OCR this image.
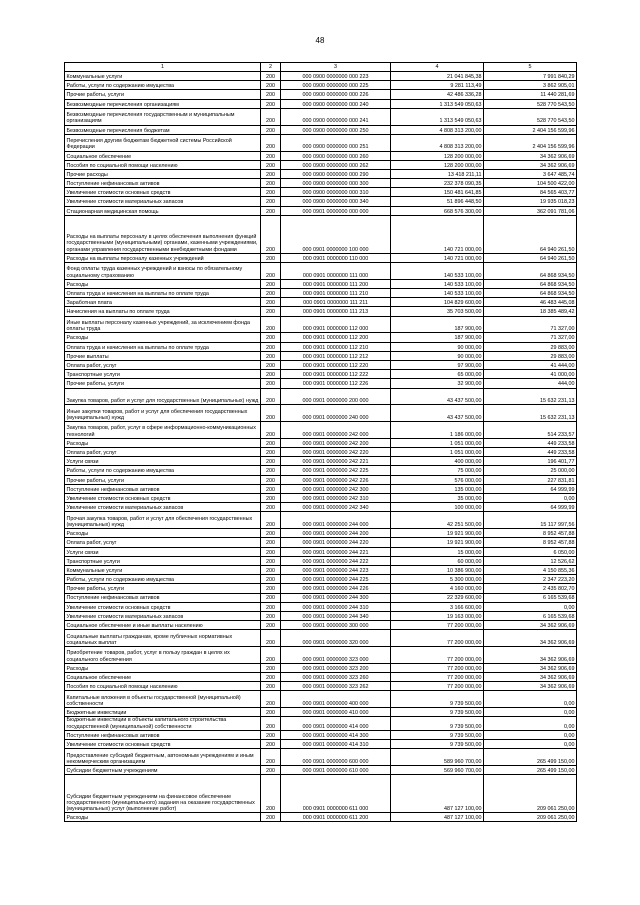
48
1	2	3	4	5
Коммунальные услуги	200	000 0900 0000000 000 223	21 041 845,38	7 991 840,29
Работы, услуги по содержанию имущества	200	000 0900 0000000 000 225	9 281 113,49	3 862 905,01
Прочие работы, услуги	200	000 0900 0000000 000 226	42 486 336,28	11 440 281,69
Безвозмездные перечисления организациям	200	000 0900 0000000 000 240	1 313 549 050,63	528 770 543,50
Безвозмездные перечисления государственным и муниципальным организациям	200	000 0900 0000000 000 241	1 313 549 050,63	528 770 543,50
Безвозмездные перечисления бюджетам	200	000 0900 0000000 000 250	4 808 313 200,00	2 404 156 599,96
Перечисления другим бюджетам бюджетной системы Российской Федерации	200	000 0900 0000000 000 251	4 808 313 200,00	2 404 156 599,96
Социальное обеспечение	200	000 0900 0000000 000 260	128 200 000,00	34 362 906,69
Пособия по социальной помощи населению	200	000 0900 0000000 000 262	128 200 000,00	34 362 906,69
Прочие расходы	200	000 0900 0000000 000 290	13 418 211,11	3 647 485,74
Поступление нефинансовых активов	200	000 0900 0000000 000 300	232 378 090,35	104 500 422,00
Увеличение стоимости основных средств	200	000 0900 0000000 000 310	150 481 641,85	84 565 403,77
Увеличение стоимости материальных запасов	200	000 0900 0000000 000 340	51 896 448,50	19 935 018,23
Стационарная медицинская помощь	200	000 0901 0000000 000 000	668 576 300,00	362 091 781,06
Расходы на выплаты персоналу в целях обеспечения выполнения функций государственными (муниципальными) органами, казенными учреждениями, органами управления государственными внебюджетными фондами	200	000 0901 0000000 100 000	140 721 000,00	64 940 261,50
Расходы на выплаты персоналу казенных учреждений	200	000 0901 0000000 110 000	140 721 000,00	64 940 261,50
Фонд оплаты труда казенных учреждений и взносы по обязательному социальному страхованию	200	000 0901 0000000 111 000	140 533 100,00	64 868 934,50
Расходы	200	000 0901 0000000 111 200	140 533 100,00	64 868 934,50
Оплата труда и начисления на выплаты по оплате труда	200	000 0901 0000000 111 210	140 533 100,00	64 868 934,50
Заработная плата	200	000 0901 0000000 111 211	104 829 600,00	46 483 445,08
Начисления на выплаты по оплате труда	200	000 0901 0000000 111 213	35 703 500,00	18 385 489,42
Иные выплаты персоналу казенных учреждений, за исключением фонда оплаты труда	200	000 0901 0000000 112 000	187 900,00	71 327,00
Расходы	200	000 0901 0000000 112 200	187 900,00	71 327,00
Оплата труда и начисления на выплаты по оплате труда	200	000 0901 0000000 112 210	90 000,00	29 883,00
Прочие выплаты	200	000 0901 0000000 112 212	90 000,00	29 883,00
Оплата работ, услуг	200	000 0901 0000000 112 220	97 900,00	41 444,00
Транспортные услуги	200	000 0901 0000000 112 222	65 000,00	41 000,00
Прочие работы, услуги	200	000 0901 0000000 112 226	32 900,00	444,00
Закупка товаров, работ и услуг для государственных (муниципальных) нужд	200	000 0901 0000000 200 000	43 437 500,00	15 632 231,13
Иные закупки товаров, работ и услуг для обеспечения государственных (муниципальных) нужд	200	000 0901 0000000 240 000	43 437 500,00	15 632 231,13
Закупка товаров, работ, услуг в сфере информационно-коммуникационных технологий	200	000 0901 0000000 242 000	1 186 000,00	514 233,57
Расходы	200	000 0901 0000000 242 200	1 051 000,00	449 233,58
Оплата работ, услуг	200	000 0901 0000000 242 220	1 051 000,00	449 233,58
Услуги связи	200	000 0901 0000000 242 221	400 000,00	196 401,77
Работы, услуги по содержанию имущества	200	000 0901 0000000 242 225	75 000,00	25 000,00
Прочие работы, услуги	200	000 0901 0000000 242 226	576 000,00	227 831,81
Поступление нефинансовых активов	200	000 0901 0000000 242 300	135 000,00	64 999,99
Увеличение стоимости основных средств	200	000 0901 0000000 242 310	35 000,00	0,00
Увеличение стоимости материальных запасов	200	000 0901 0000000 242 340	100 000,00	64 999,99
Прочая закупка товаров, работ и услуг для обеспечения государственных (муниципальных) нужд	200	000 0901 0000000 244 000	42 251 500,00	15 117 997,56
Расходы	200	000 0901 0000000 244 200	19 921 900,00	8 952 457,88
Оплата работ, услуг	200	000 0901 0000000 244 220	19 921 900,00	8 952 457,88
Услуги связи	200	000 0901 0000000 244 221	15 000,00	6 050,00
Транспортные услуги	200	000 0901 0000000 244 222	60 000,00	12 526,62
Коммунальные услуги	200	000 0901 0000000 244 223	10 386 900,00	4 150 855,36
Работы, услуги по содержанию имущества	200	000 0901 0000000 244 225	5 300 000,00	2 347 223,20
Прочие работы, услуги	200	000 0901 0000000 244 226	4 160 000,00	2 435 802,70
Поступление нефинансовых активов	200	000 0901 0000000 244 300	22 329 600,00	6 165 539,68
Увеличение стоимости основных средств	200	000 0901 0000000 244 310	3 166 600,00	0,00
Увеличение стоимости материальных запасов	200	000 0901 0000000 244 340	19 163 000,00	6 165 539,68
Социальное обеспечение и иные выплаты населению	200	000 0901 0000000 300 000	77 200 000,00	34 362 906,69
Социальные выплаты гражданам, кроме публичных нормативных социальных выплат	200	000 0901 0000000 320 000	77 200 000,00	34 362 906,69
Приобретение товаров, работ, услуг в пользу граждан в целях их социального обеспечения	200	000 0901 0000000 323 000	77 200 000,00	34 362 906,69
Расходы	200	000 0901 0000000 323 200	77 200 000,00	34 362 906,69
Социальное обеспечение	200	000 0901 0000000 323 260	77 200 000,00	34 362 906,69
Пособия по социальной помощи населению	200	000 0901 0000000 323 262	77 200 000,00	34 362 906,69
Капитальные вложения в объекты государственной (муниципальной) собственности	200	000 0901 0000000 400 000	9 739 500,00	0,00
Бюджетные инвестиции	200	000 0901 0000000 410 000	9 739 500,00	0,00
Бюджетные инвестиции в объекты капитального строительства государственной (муниципальной) собственности	200	000 0901 0000000 414 000	9 739 500,00	0,00
Поступление нефинансовых активов	200	000 0901 0000000 414 300	9 739 500,00	0,00
Увеличение стоимости основных средств	200	000 0901 0000000 414 310	9 739 500,00	0,00
Предоставление субсидий бюджетным, автономным учреждениям и иным некоммерческим организациям	200	000 0901 0000000 600 000	589 960 700,00	265 499 150,00
Субсидии бюджетным учреждениям	200	000 0901 0000000 610 000	569 960 700,00	265 499 150,00
Субсидии бюджетным учреждениям на финансовое обеспечение государственного (муниципального) задания на оказание государственных (муниципальных) услуг (выполнение работ)	200	000 0901 0000000 611 000	487 127 100,00	209 061 250,00
Расходы	200	000 0901 0000000 611 200	487 127 100,00	209 061 250,00
